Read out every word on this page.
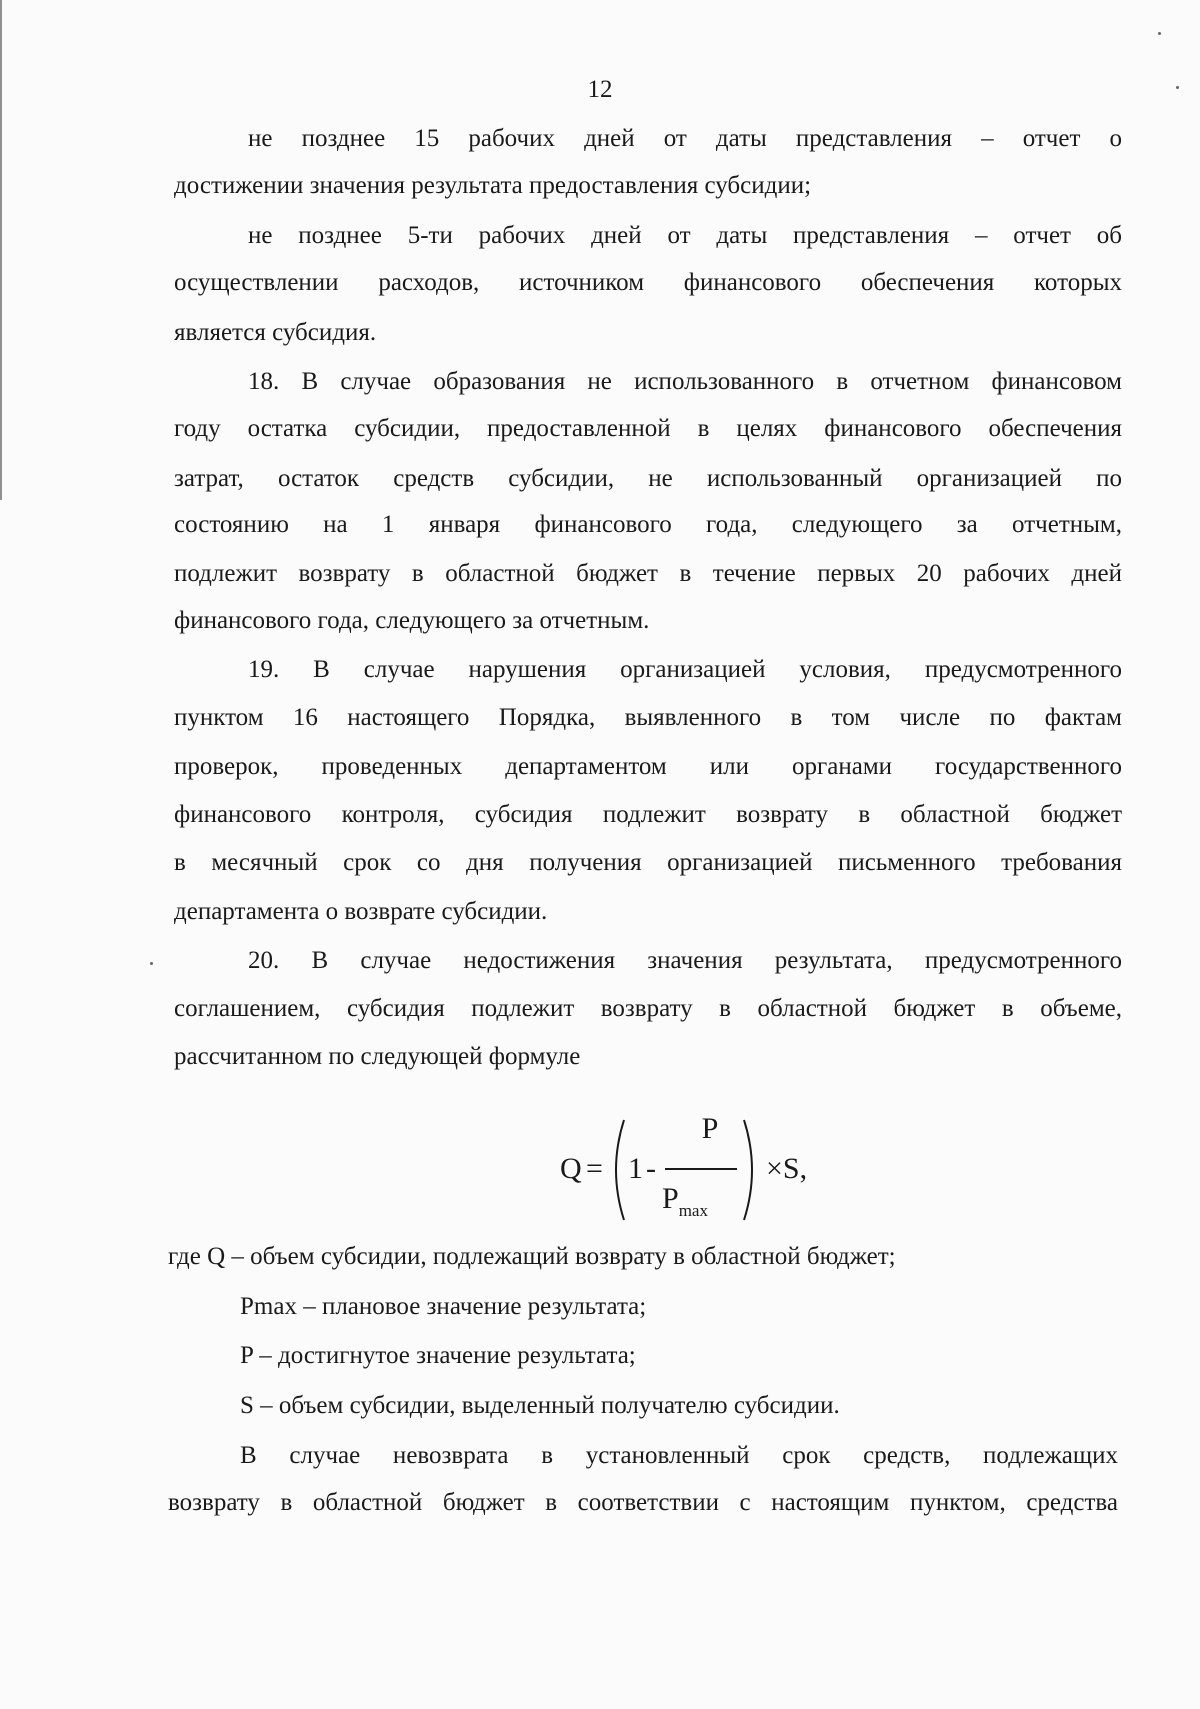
12
не позднее 15 рабочих дней от даты представления – отчет о
достижении значения результата предоставления субсидии;
не позднее 5-ти рабочих дней от даты представления – отчет об
осуществлении расходов, источником финансового обеспечения которых
является субсидия.
18. В случае образования не использованного в отчетном финансовом
году остатка субсидии, предоставленной в целях финансового обеспечения
затрат, остаток средств субсидии, не использованный организацией по
состоянию на 1 января финансового года, следующего за отчетным,
подлежит возврату в областной бюджет в течение первых 20 рабочих дней
финансового года, следующего за отчетным.
19. В случае нарушения организацией условия, предусмотренного
пунктом 16 настоящего Порядка, выявленного в том числе по фактам
проверок, проведенных департаментом или органами государственного
финансового контроля, субсидия подлежит возврату в областной бюджет
в месячный срок со дня получения организацией письменного требования
департамента о возврате субсидии.
20. В случае недостижения значения результата, предусмотренного
соглашением, субсидия подлежит возврату в областной бюджет в объеме,
рассчитанном по следующей формуле
Q = 1 -
P
$P_{max}$
×S,
где Q – объем субсидии, подлежащий возврату в областной бюджет;
Pmax – плановое значение результата;
P – достигнутое значение результата;
S – объем субсидии, выделенный получателю субсидии.
В случае невозврата в установленный срок средств, подлежащих
возврату в областной бюджет в соответствии с настоящим пунктом, средства
